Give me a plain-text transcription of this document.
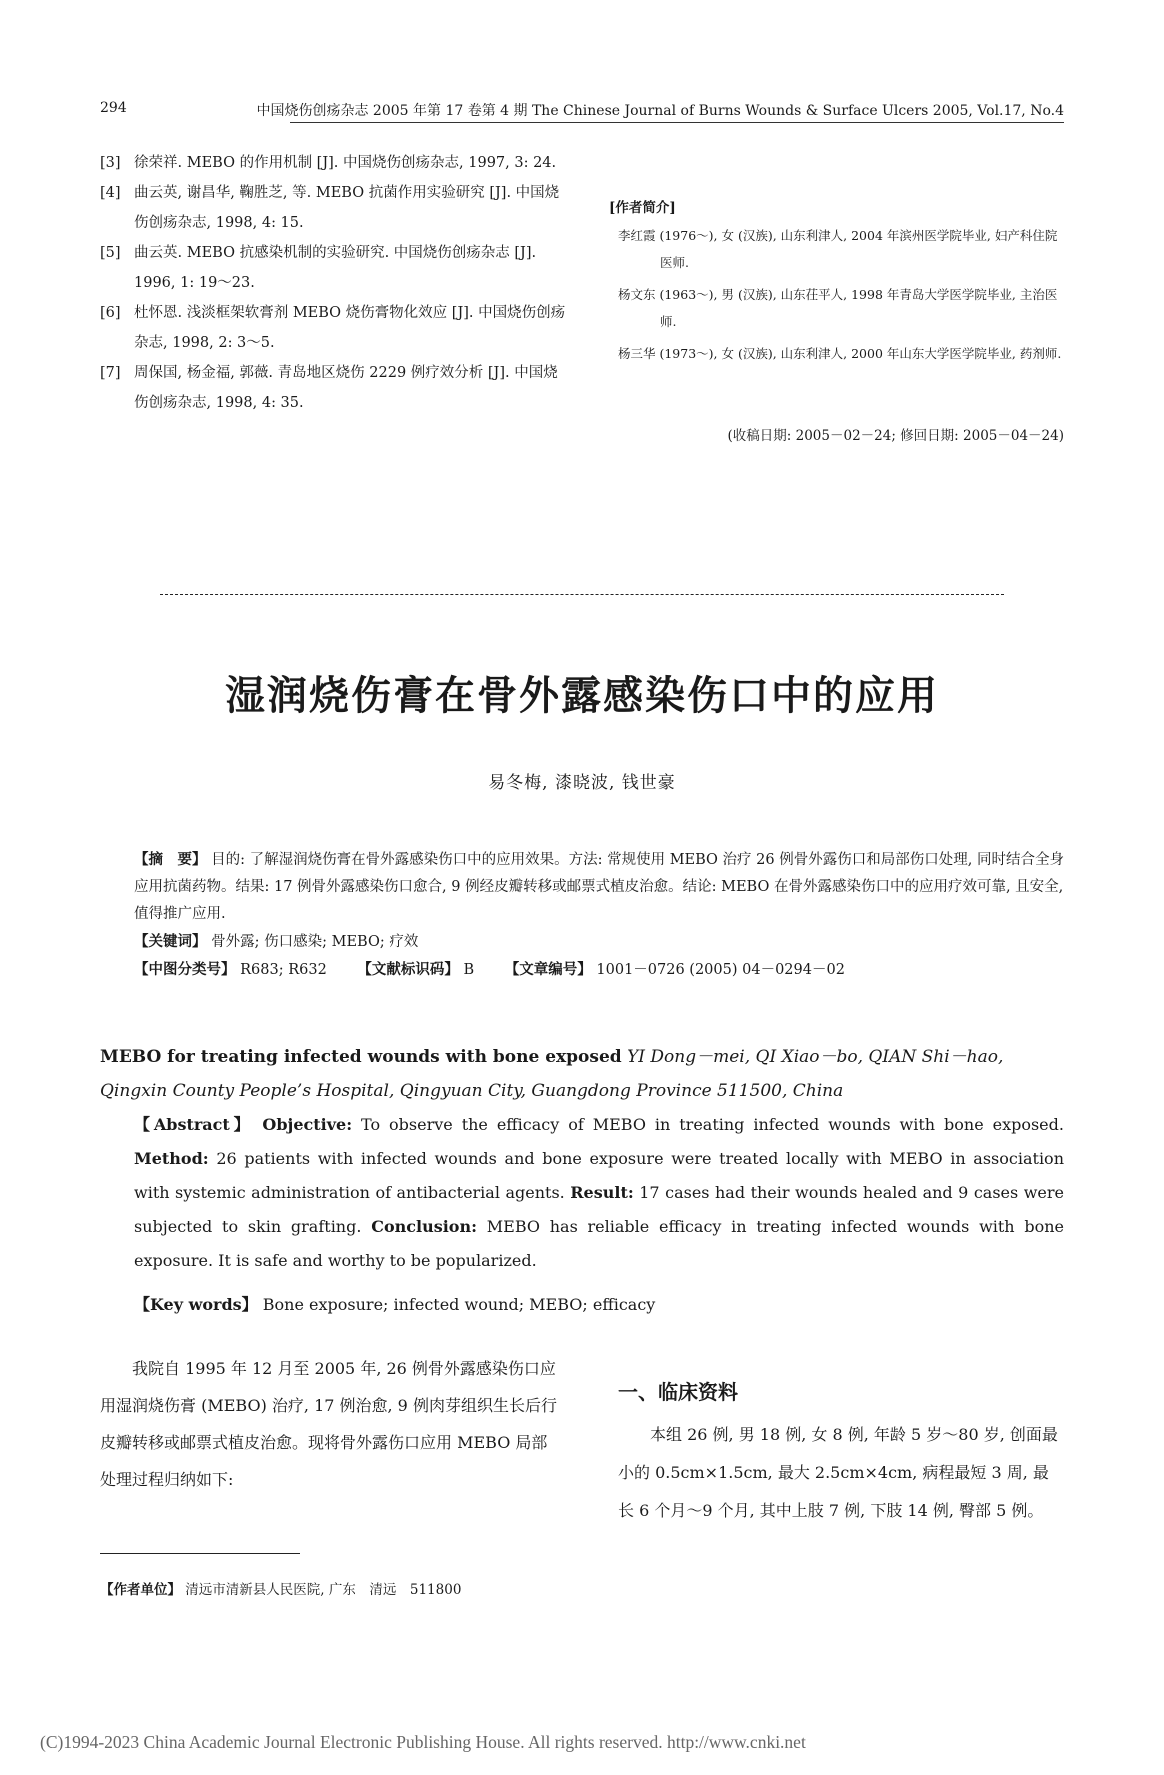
294	中国烧伤创疡杂志 2005 年第 17 卷第 4 期 The Chinese Journal of Burns Wounds & Surface Ulcers 2005, Vol.17, No.4
[3] 徐荣祥. MEBO 的作用机制 [J]. 中国烧伤创疡杂志, 1997, 3: 24.
[4] 曲云英, 谢昌华, 鞠胜芝, 等. MEBO 抗菌作用实验研究 [J]. 中国烧伤创疡杂志, 1998, 4: 15.
[5] 曲云英. MEBO 抗感染机制的实验研究. 中国烧伤创疡杂志 [J]. 1996, 1: 19～23.
[6] 杜怀恩. 浅淡框架软膏剂 MEBO 烧伤膏物化效应 [J]. 中国烧伤创疡杂志, 1998, 2: 3～5.
[7] 周保国, 杨金福, 郭薇. 青岛地区烧伤 2229 例疗效分析 [J]. 中国烧伤创疡杂志, 1998, 4: 35.
[作者简介]
李红霞 (1976～), 女 (汉族), 山东利津人, 2004 年滨州医学院毕业, 妇产科住院医师.
杨文东 (1963～), 男 (汉族), 山东茌平人, 1998 年青岛大学医学院毕业, 主治医师.
杨三华 (1973～), 女 (汉族), 山东利津人, 2000 年山东大学医学院毕业, 药剂师.
(收稿日期: 2005－02－24; 修回日期: 2005－04－24)
湿润烧伤膏在骨外露感染伤口中的应用
易冬梅, 漆晓波, 钱世豪
【摘　要】 目的: 了解湿润烧伤膏在骨外露感染伤口中的应用效果。方法: 常规使用 MEBO 治疗 26 例骨外露伤口和局部伤口处理, 同时结合全身应用抗菌药物。结果: 17 例骨外露感染伤口愈合, 9 例经皮瓣转移或邮票式植皮治愈。结论: MEBO 在骨外露感染伤口中的应用疗效可靠, 且安全, 值得推广应用.
【关键词】 骨外露; 伤口感染; MEBO; 疗效
【中图分类号】 R683; R632 【文献标识码】 B 【文章编号】 1001－0726 (2005) 04－0294－02
MEBO for treating infected wounds with bone exposed YI Dong－mei, QI Xiao－bo, QIAN Shi－hao, Qingxin County People’s Hospital, Qingyuan City, Guangdong Province 511500, China
【Abstract】 Objective: To observe the efficacy of MEBO in treating infected wounds with bone exposed. Method: 26 patients with infected wounds and bone exposure were treated locally with MEBO in association with systemic administration of antibacterial agents. Result: 17 cases had their wounds healed and 9 cases were subjected to skin grafting. Conclusion: MEBO has reliable efficacy in treating infected wounds with bone exposure. It is safe and worthy to be popularized.
【Key words】 Bone exposure; infected wound; MEBO; efficacy

我院自 1995 年 12 月至 2005 年, 26 例骨外露感染伤口应用湿润烧伤膏 (MEBO) 治疗, 17 例治愈, 9 例肉芽组织生长后行皮瓣转移或邮票式植皮治愈。现将骨外露伤口应用 MEBO 局部处理过程归纳如下:

【作者单位】 清远市清新县人民医院, 广东　清远　511800
一、临床资料

本组 26 例, 男 18 例, 女 8 例, 年龄 5 岁～80 岁, 创面最小的 0.5cm×1.5cm, 最大 2.5cm×4cm, 病程最短 3 周, 最长 6 个月～9 个月, 其中上肢 7 例, 下肢 14 例, 臀部 5 例。

(C)1994-2023 China Academic Journal Electronic Publishing House. All rights reserved. http://www.cnki.net
